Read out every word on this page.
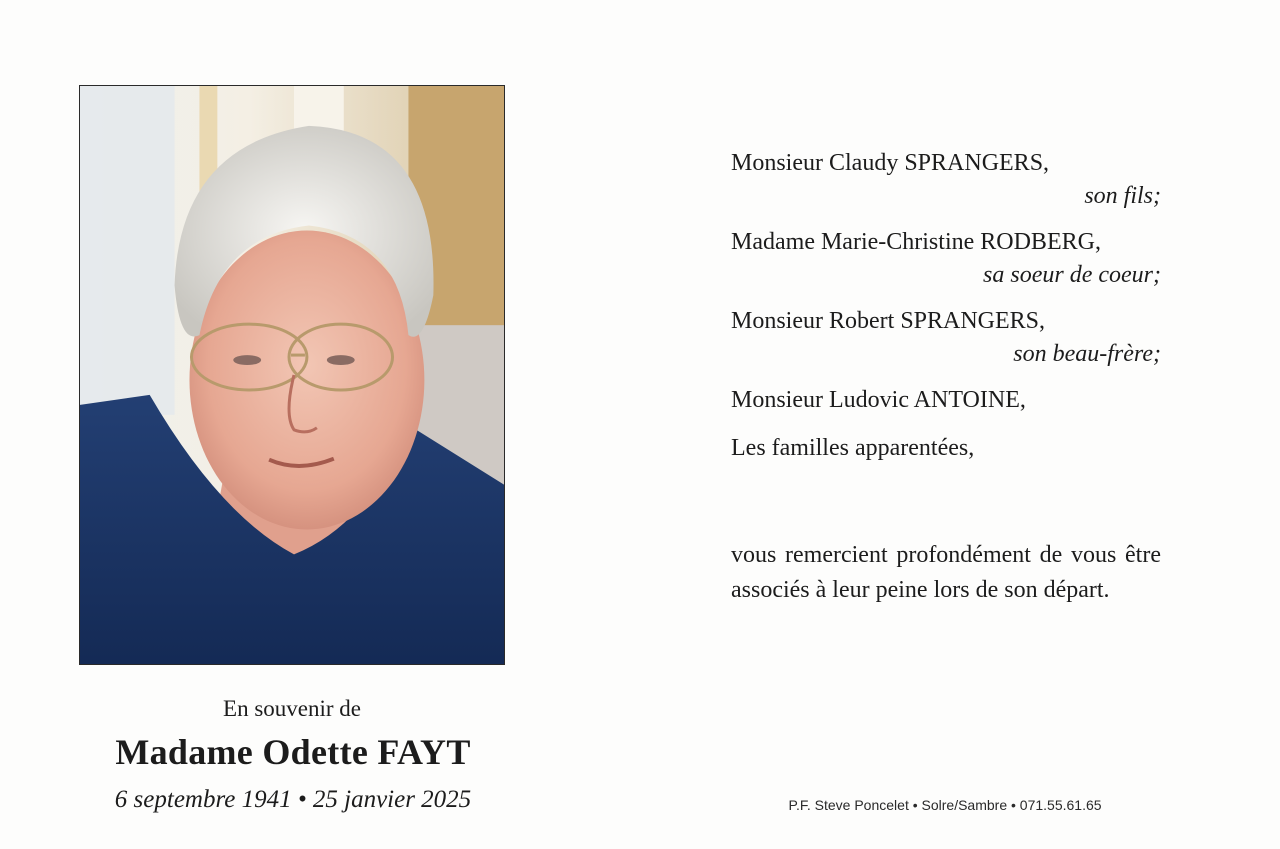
En souvenir de
Madame Odette FAYT
6 septembre 1941 • 25 janvier 2025
Monsieur Claudy SPRANGERS,
son fils;
Madame Marie-Christine RODBERG,
sa soeur de coeur;
Monsieur Robert SPRANGERS,
son beau-frère;
Monsieur Ludovic ANTOINE,
Les familles apparentées,
vous remercient profondément de vous être associés à leur peine lors de son départ.
P.F. Steve Poncelet • Solre/Sambre • 071.55.61.65
